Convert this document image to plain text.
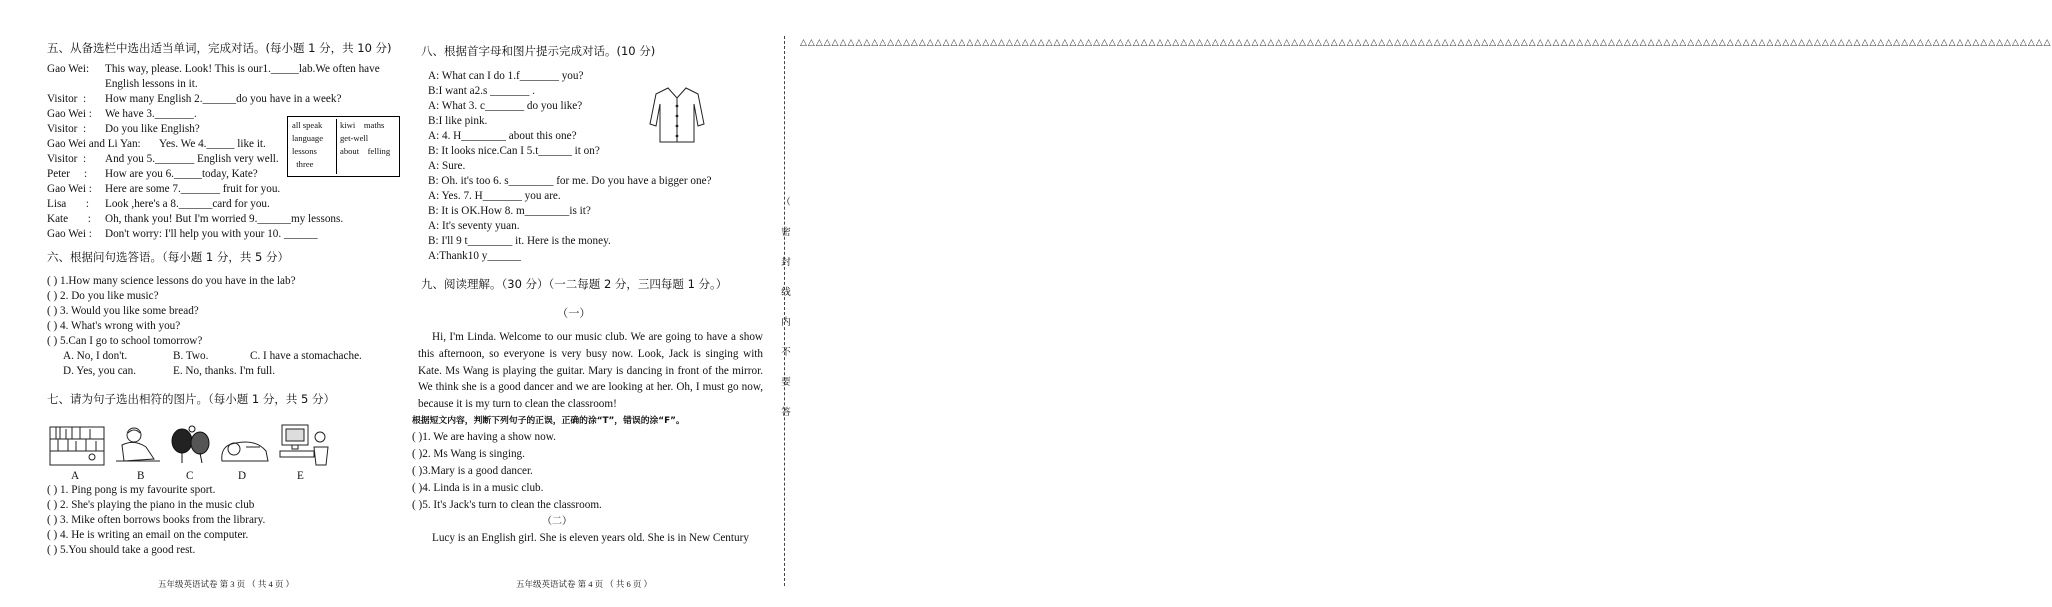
五、从备选栏中选出适当单词，完成对话。(每小题 1 分，共 10 分)
Gao Wei: This way, please. Look! This is our1._____lab.We often have
English lessons in it.
Visitor  : How many English 2.______do you have in a week?
Gao Wei : We have 3._______.
Visitor  : Do you like English?
Gao Wei and Li Yan: Yes. We 4._____ like it.
Visitor  : And you 5._______ English very well.
Peter     : How are you 6._____today, Kate?
Gao Wei : Here are some 7._______ fruit for you.
Lisa       : Look ,here's a 8.______card for you.
Kate       : Oh, thank you! But I'm worried 9.______my lessons.
Gao Wei : Don't worry: I'll help you with your 10. ______
all speak
language
lessons
three
kiwi    maths
get-well
about    felling
六、根据问句选答语。（每小题 1 分，共 5 分）
( ) 1.How many science lessons do you have in the lab?
( ) 2. Do you like music?
( ) 3. Would you like some bread?
( ) 4. What's wrong with you?
( ) 5.Can I go to school tomorrow?
A. No, I don't.	B. Two.	C. I have a stomachache.
D. Yes, you can.	E. No, thanks. I'm full.
七、请为句子选出相符的图片。（每小题 1 分，共 5 分）
A	B	C	D	E
( ) 1. Ping pong is my favourite sport.
( ) 2. She's playing the piano in the music club
( ) 3. Mike often borrows books from the library.
( ) 4. He is writing an email on the computer.
( ) 5.You should take a good rest.
五年级英语试卷 第 3 页 （ 共 4 页 ）
八、根据首字母和图片提示完成对话。(10 分)
A: What can I do 1.f_______ you?
B:I want a2.s _______ .
A: What 3. c_______ do you like?
B:I like pink.
A: 4. H________ about this one?
B: It looks nice.Can I 5.t______ it on?
A: Sure.
B: Oh. it's too 6. s________ for me. Do you have a bigger one?
A: Yes. 7. H_______ you are.
B: It is OK.How 8. m________is it?
A: It's seventy yuan.
B: I'll 9 t________ it. Here is the money.
A:Thank10 y______
九、阅读理解。（30 分）（一二每题 2 分，三四每题 1 分。）
（一）

Hi, I'm Linda. Welcome to our music club. We are going to have a show this afternoon, so everyone is very busy now. Look, Jack is singing with Kate. Ms Wang is playing the guitar. Mary is dancing in front of the mirror. We think she is a good dancer and we are looking at her. Oh, I must go now, because it is my turn to clean the classroom!

根据短文内容，判断下列句子的正误，正确的涂“T”，错误的涂“F”。
( )1. We are having a show now.
( )2. Ms Wang is singing.
( )3.Mary is a good dancer.
( )4. Linda is in a music club.
( )5. It's Jack's turn to clean the classroom.
（二）

Lucy is an English girl. She is eleven years old. She is in New Century

五年级英语试卷 第 4 页 （ 共 6 页 ）
（
密
封
线
内
不
要
答
△△△△△△△△△△△△△△△△△△△△△△△△△△△△△△△△△△△△△△△△△△△△△△△△△△△△△△△△△△△△△△△△△△△△△△△△△△△△△△△△△△△△△△△△△△△△△△△△△△△△△△△△△△△△△△△△△△△△△△△△△△△△△△△△△△△△△△△△△△△△△△△△△△△△△△△△△△△△△△
